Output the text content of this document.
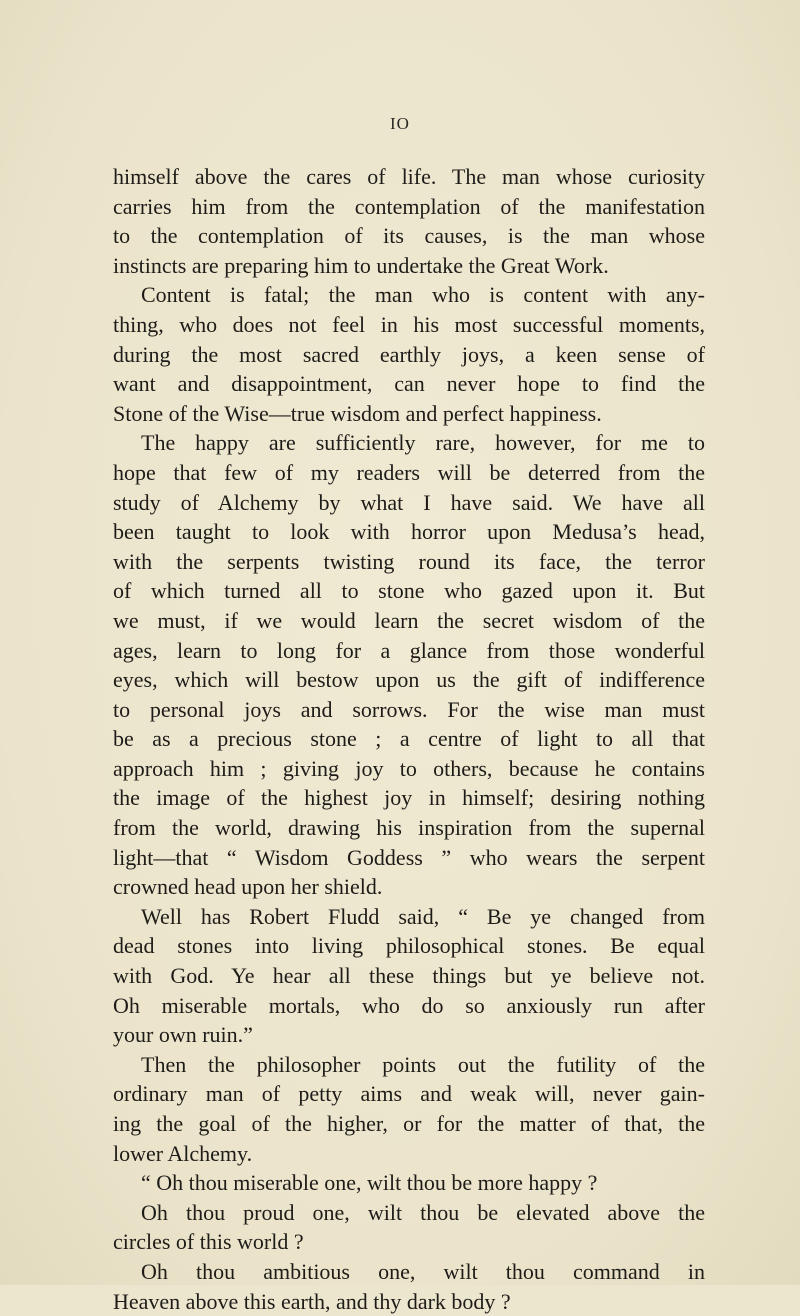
IO
himself above the cares of life. The man whose curiosity
carries him from the contemplation of the manifestation
to the contemplation of its causes, is the man whose
instincts are preparing him to undertake the Great Work.
Content is fatal; the man who is content with any-
thing, who does not feel in his most successful moments,
during the most sacred earthly joys, a keen sense of
want and disappointment, can never hope to find the
Stone of the Wise—true wisdom and perfect happiness.
The happy are sufficiently rare, however, for me to
hope that few of my readers will be deterred from the
study of Alchemy by what I have said. We have all
been taught to look with horror upon Medusa’s head,
with the serpents twisting round its face, the terror
of which turned all to stone who gazed upon it. But
we must, if we would learn the secret wisdom of the
ages, learn to long for a glance from those wonderful
eyes, which will bestow upon us the gift of indifference
to personal joys and sorrows. For the wise man must
be as a precious stone ; a centre of light to all that
approach him ; giving joy to others, because he contains
the image of the highest joy in himself; desiring nothing
from the world, drawing his inspiration from the supernal
light—that “ Wisdom Goddess ” who wears the serpent
crowned head upon her shield.
Well has Robert Fludd said, “ Be ye changed from
dead stones into living philosophical stones. Be equal
with God. Ye hear all these things but ye believe not.
Oh miserable mortals, who do so anxiously run after
your own ruin.”
Then the philosopher points out the futility of the
ordinary man of petty aims and weak will, never gain-
ing the goal of the higher, or for the matter of that, the
lower Alchemy.
“ Oh thou miserable one, wilt thou be more happy ?
Oh thou proud one, wilt thou be elevated above the
circles of this world ?
Oh thou ambitious one, wilt thou command in
Heaven above this earth, and thy dark body ?
